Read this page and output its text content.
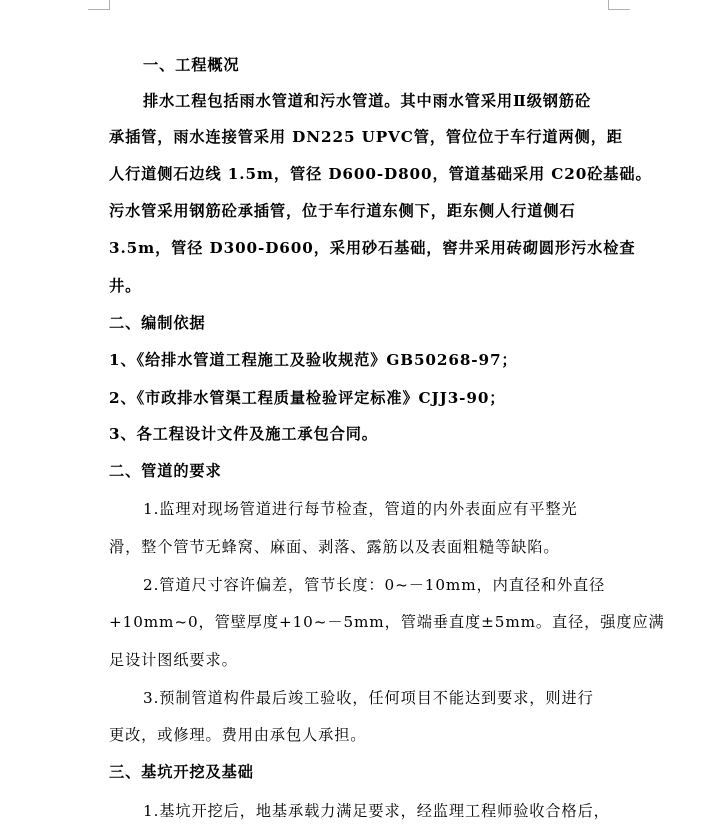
一、工程概况
排水工程包括雨水管道和污水管道。其中雨水管采用Ⅱ级钢筋砼
承插管，雨水连接管采用 DN225 UPVC管，管位位于车行道两侧，距
人行道侧石边线 1.5m，管径 D600-D800，管道基础采用 C20砼基础。
污水管采用钢筋砼承插管，位于车行道东侧下，距东侧人行道侧石
3.5m，管径 D300-D600，采用砂石基础，窖井采用砖砌圆形污水检查
井。
二、编制依据
1、《给排水管道工程施工及验收规范》GB50268-97；
2、《市政排水管渠工程质量检验评定标准》CJJ3-90；
3、各工程设计文件及施工承包合同。
二、管道的要求
1.监理对现场管道进行每节检查，管道的内外表面应有平整光
滑，整个管节无蜂窝、麻面、剥落、露筋以及表面粗糙等缺陷。
2.管道尺寸容许偏差，管节长度：0~－10mm，内直径和外直径
+10mm~0，管壁厚度+10~－5mm，管端垂直度±5mm。直径，强度应满
足设计图纸要求。
3.预制管道构件最后竣工验收，任何项目不能达到要求，则进行
更改，或修理。费用由承包人承担。
三、基坑开挖及基础
1.基坑开挖后，地基承载力满足要求，经监理工程师验收合格后，
